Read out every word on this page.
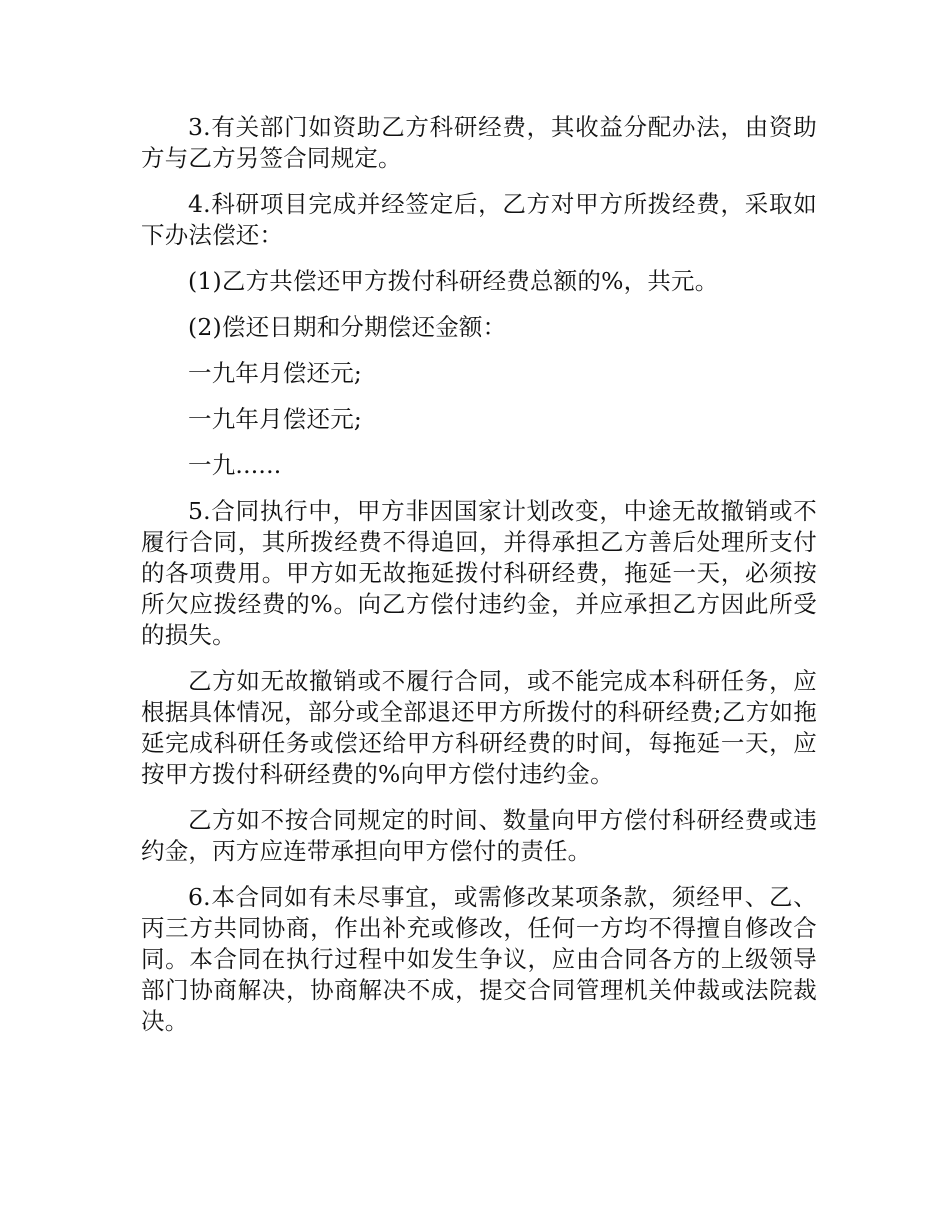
3.有关部门如资助乙方科研经费，其收益分配办法，由资助方与乙方另签合同规定。

4.科研项目完成并经签定后，乙方对甲方所拨经费，采取如下办法偿还：

(1)乙方共偿还甲方拨付科研经费总额的%，共元。

(2)偿还日期和分期偿还金额：

一九年月偿还元;

一九年月偿还元;

一九......

5.合同执行中，甲方非因国家计划改变，中途无故撤销或不履行合同，其所拨经费不得追回，并得承担乙方善后处理所支付的各项费用。甲方如无故拖延拨付科研经费，拖延一天，必须按所欠应拨经费的%。向乙方偿付违约金，并应承担乙方因此所受的损失。

乙方如无故撤销或不履行合同，或不能完成本科研任务，应根据具体情况，部分或全部退还甲方所拨付的科研经费;乙方如拖延完成科研任务或偿还给甲方科研经费的时间，每拖延一天，应按甲方拨付科研经费的%向甲方偿付违约金。

乙方如不按合同规定的时间、数量向甲方偿付科研经费或违约金，丙方应连带承担向甲方偿付的责任。

6.本合同如有未尽事宜，或需修改某项条款，须经甲、乙、丙三方共同协商，作出补充或修改，任何一方均不得擅自修改合同。本合同在执行过程中如发生争议，应由合同各方的上级领导部门协商解决，协商解决不成，提交合同管理机关仲裁或法院裁决。
